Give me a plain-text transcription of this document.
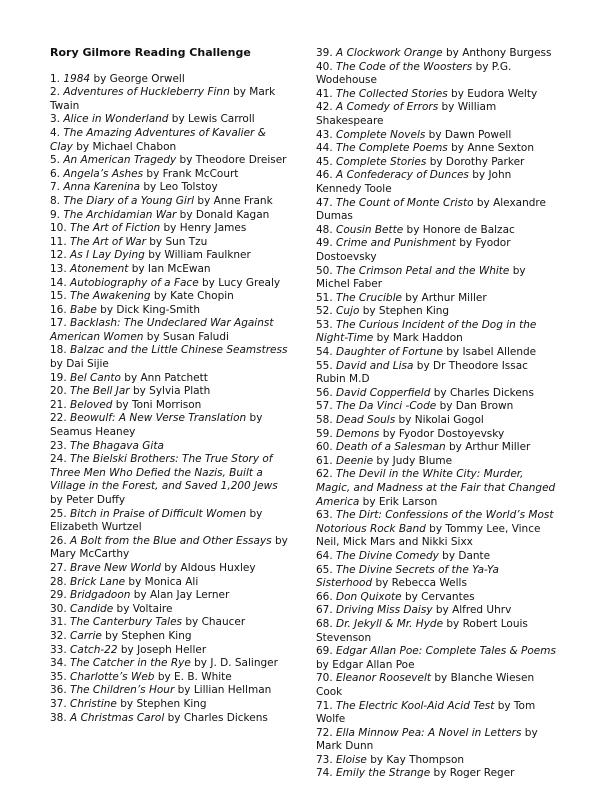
Rory Gilmore Reading Challenge

1. 1984 by George Orwell

2. Adventures of Huckleberry Finn by Mark Twain

3. Alice in Wonderland by Lewis Carroll

4. The Amazing Adventures of Kavalier & Clay by Michael Chabon

5. An American Tragedy by Theodore Dreiser

6. Angela’s Ashes by Frank McCourt

7. Anna Karenina by Leo Tolstoy

8. The Diary of a Young Girl by Anne Frank

9. The Archidamian War by Donald Kagan

10. The Art of Fiction by Henry James

11. The Art of War by Sun Tzu

12. As I Lay Dying by William Faulkner

13. Atonement by Ian McEwan

14. Autobiography of a Face by Lucy Grealy

15. The Awakening by Kate Chopin

16. Babe by Dick King-Smith

17. Backlash: The Undeclared War Against American Women by Susan Faludi

18. Balzac and the Little Chinese Seamstress by Dai Sijie

19. Bel Canto by Ann Patchett

20. The Bell Jar by Sylvia Plath

21. Beloved by Toni Morrison

22. Beowulf: A New Verse Translation by Seamus Heaney

23. The Bhagava Gita

24. The Bielski Brothers: The True Story of Three Men Who Defied the Nazis, Built a Village in the Forest, and Saved 1,200 Jews by Peter Duffy

25. Bitch in Praise of Difficult Women by Elizabeth Wurtzel

26. A Bolt from the Blue and Other Essays by Mary McCarthy

27. Brave New World by Aldous Huxley

28. Brick Lane by Monica Ali

29. Bridgadoon by Alan Jay Lerner

30. Candide by Voltaire

31. The Canterbury Tales by Chaucer

32. Carrie by Stephen King

33. Catch-22 by Joseph Heller

34. The Catcher in the Rye by J. D. Salinger

35. Charlotte’s Web by E. B. White

36. The Children’s Hour by Lillian Hellman

37. Christine by Stephen King

38. A Christmas Carol by Charles Dickens

39. A Clockwork Orange by Anthony Burgess

40. The Code of the Woosters by P.G. Wodehouse

41. The Collected Stories by Eudora Welty

42. A Comedy of Errors by William Shakespeare

43. Complete Novels by Dawn Powell

44. The Complete Poems by Anne Sexton

45. Complete Stories by Dorothy Parker

46. A Confederacy of Dunces by John Kennedy Toole

47. The Count of Monte Cristo by Alexandre Dumas

48. Cousin Bette by Honore de Balzac

49. Crime and Punishment by Fyodor Dostoevsky

50. The Crimson Petal and the White by Michel Faber

51. The Crucible by Arthur Miller

52. Cujo by Stephen King

53. The Curious Incident of the Dog in the Night-Time by Mark Haddon

54. Daughter of Fortune by Isabel Allende

55. David and Lisa by Dr Theodore Issac Rubin M.D

56. David Copperfield by Charles Dickens

57. The Da Vinci -Code by Dan Brown

58. Dead Souls by Nikolai Gogol

59. Demons by Fyodor Dostoyevsky

60. Death of a Salesman by Arthur Miller

61. Deenie by Judy Blume

62. The Devil in the White City: Murder, Magic, and Madness at the Fair that Changed America by Erik Larson

63. The Dirt: Confessions of the World’s Most Notorious Rock Band by Tommy Lee, Vince Neil, Mick Mars and Nikki Sixx

64. The Divine Comedy by Dante

65. The Divine Secrets of the Ya-Ya Sisterhood by Rebecca Wells

66. Don Quixote by Cervantes

67. Driving Miss Daisy by Alfred Uhrv

68. Dr. Jekyll & Mr. Hyde by Robert Louis Stevenson

69. Edgar Allan Poe: Complete Tales & Poems by Edgar Allan Poe

70. Eleanor Roosevelt by Blanche Wiesen Cook

71. The Electric Kool-Aid Acid Test by Tom Wolfe

72. Ella Minnow Pea: A Novel in Letters by Mark Dunn

73. Eloise by Kay Thompson

74. Emily the Strange by Roger Reger
